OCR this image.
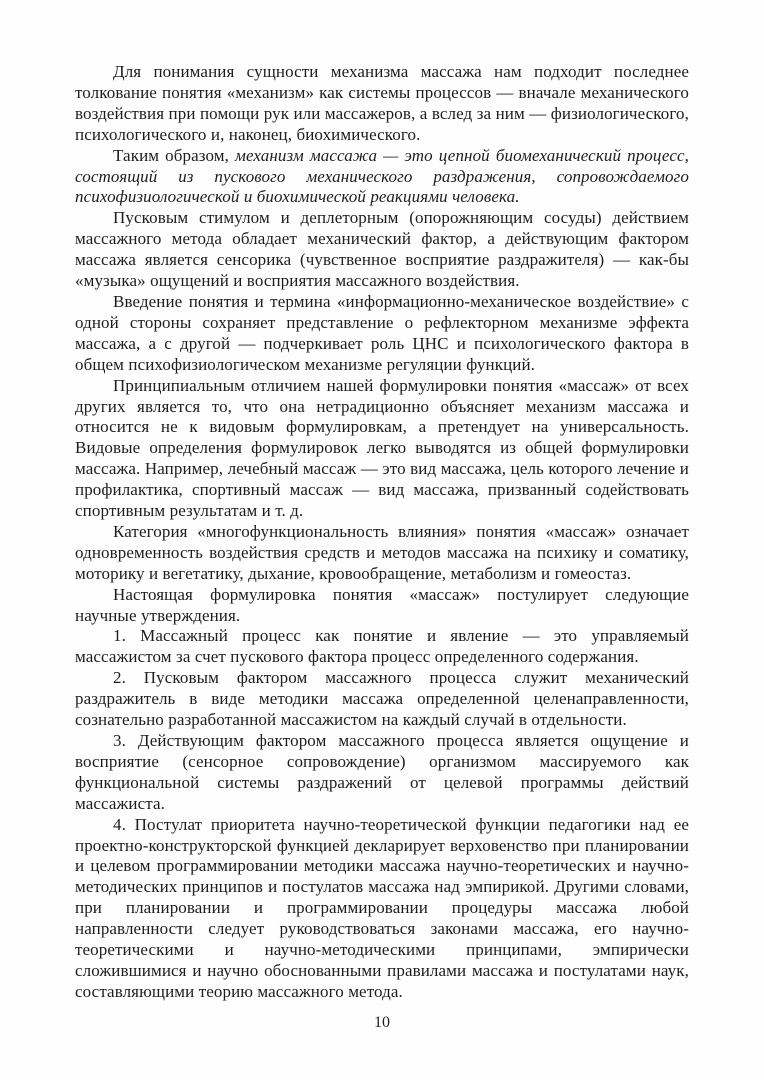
Для понимания сущности механизма массажа нам подходит последнее толкование понятия «механизм» как системы процессов — вначале механического воздействия при помощи рук или массажеров, а вслед за ним — физиологического, психологического и, наконец, биохимического.

Таким образом, механизм массажа — это цепной биомеханический процесс, состоящий из пускового механического раздражения, сопровождаемого психофизиологической и биохимической реакциями человека.

Пусковым стимулом и деплеторным (опорожняющим сосуды) действием массажного метода обладает механический фактор, а действующим фактором массажа является сенсорика (чувственное восприятие раздражителя) — как-бы «музыка» ощущений и восприятия массажного воздействия.

Введение понятия и термина «информационно-механическое воздействие» с одной стороны сохраняет представление о рефлекторном механизме эффекта массажа, а с другой — подчеркивает роль ЦНС и психологического фактора в общем психофизиологическом механизме регуляции функций.

Принципиальным отличием нашей формулировки понятия «массаж» от всех других является то, что она нетрадиционно объясняет механизм массажа и относится не к видовым формулировкам, а претендует на универсальность. Видовые определения формулировок легко выводятся из общей формулировки массажа. Например, лечебный массаж — это вид массажа, цель которого лечение и профилактика, спортивный массаж — вид массажа, призванный содействовать спортивным результатам и т. д.

Категория «многофункциональность влияния» понятия «массаж» означает одновременность воздействия средств и методов массажа на психику и соматику, моторику и вегетатику, дыхание, кровообращение, метаболизм и гомеостаз.

Настоящая формулировка понятия «массаж» постулирует следующие научные утверждения.

1. Массажный процесс как понятие и явление — это управляемый массажистом за счет пускового фактора процесс определенного содержания.

2. Пусковым фактором массажного процесса служит механический раздражитель в виде методики массажа определенной целенаправленности, сознательно разработанной массажистом на каждый случай в отдельности.

3. Действующим фактором массажного процесса является ощущение и восприятие (сенсорное сопровождение) организмом массируемого как функциональной системы раздражений от целевой программы действий массажиста.

4. Постулат приоритета научно-теоретической функции педагогики над ее проектно-конструкторской функцией декларирует верховенство при планировании и целевом программировании методики массажа научно-теоретических и научно-методических принципов и постулатов массажа над эмпирикой. Другими словами, при планировании и программировании процедуры массажа любой направленности следует руководствоваться законами массажа, его научно-теоретическими и научно-методическими принципами, эмпирически сложившимися и научно обоснованными правилами массажа и постулатами наук, составляющими теорию массажного метода.

10
